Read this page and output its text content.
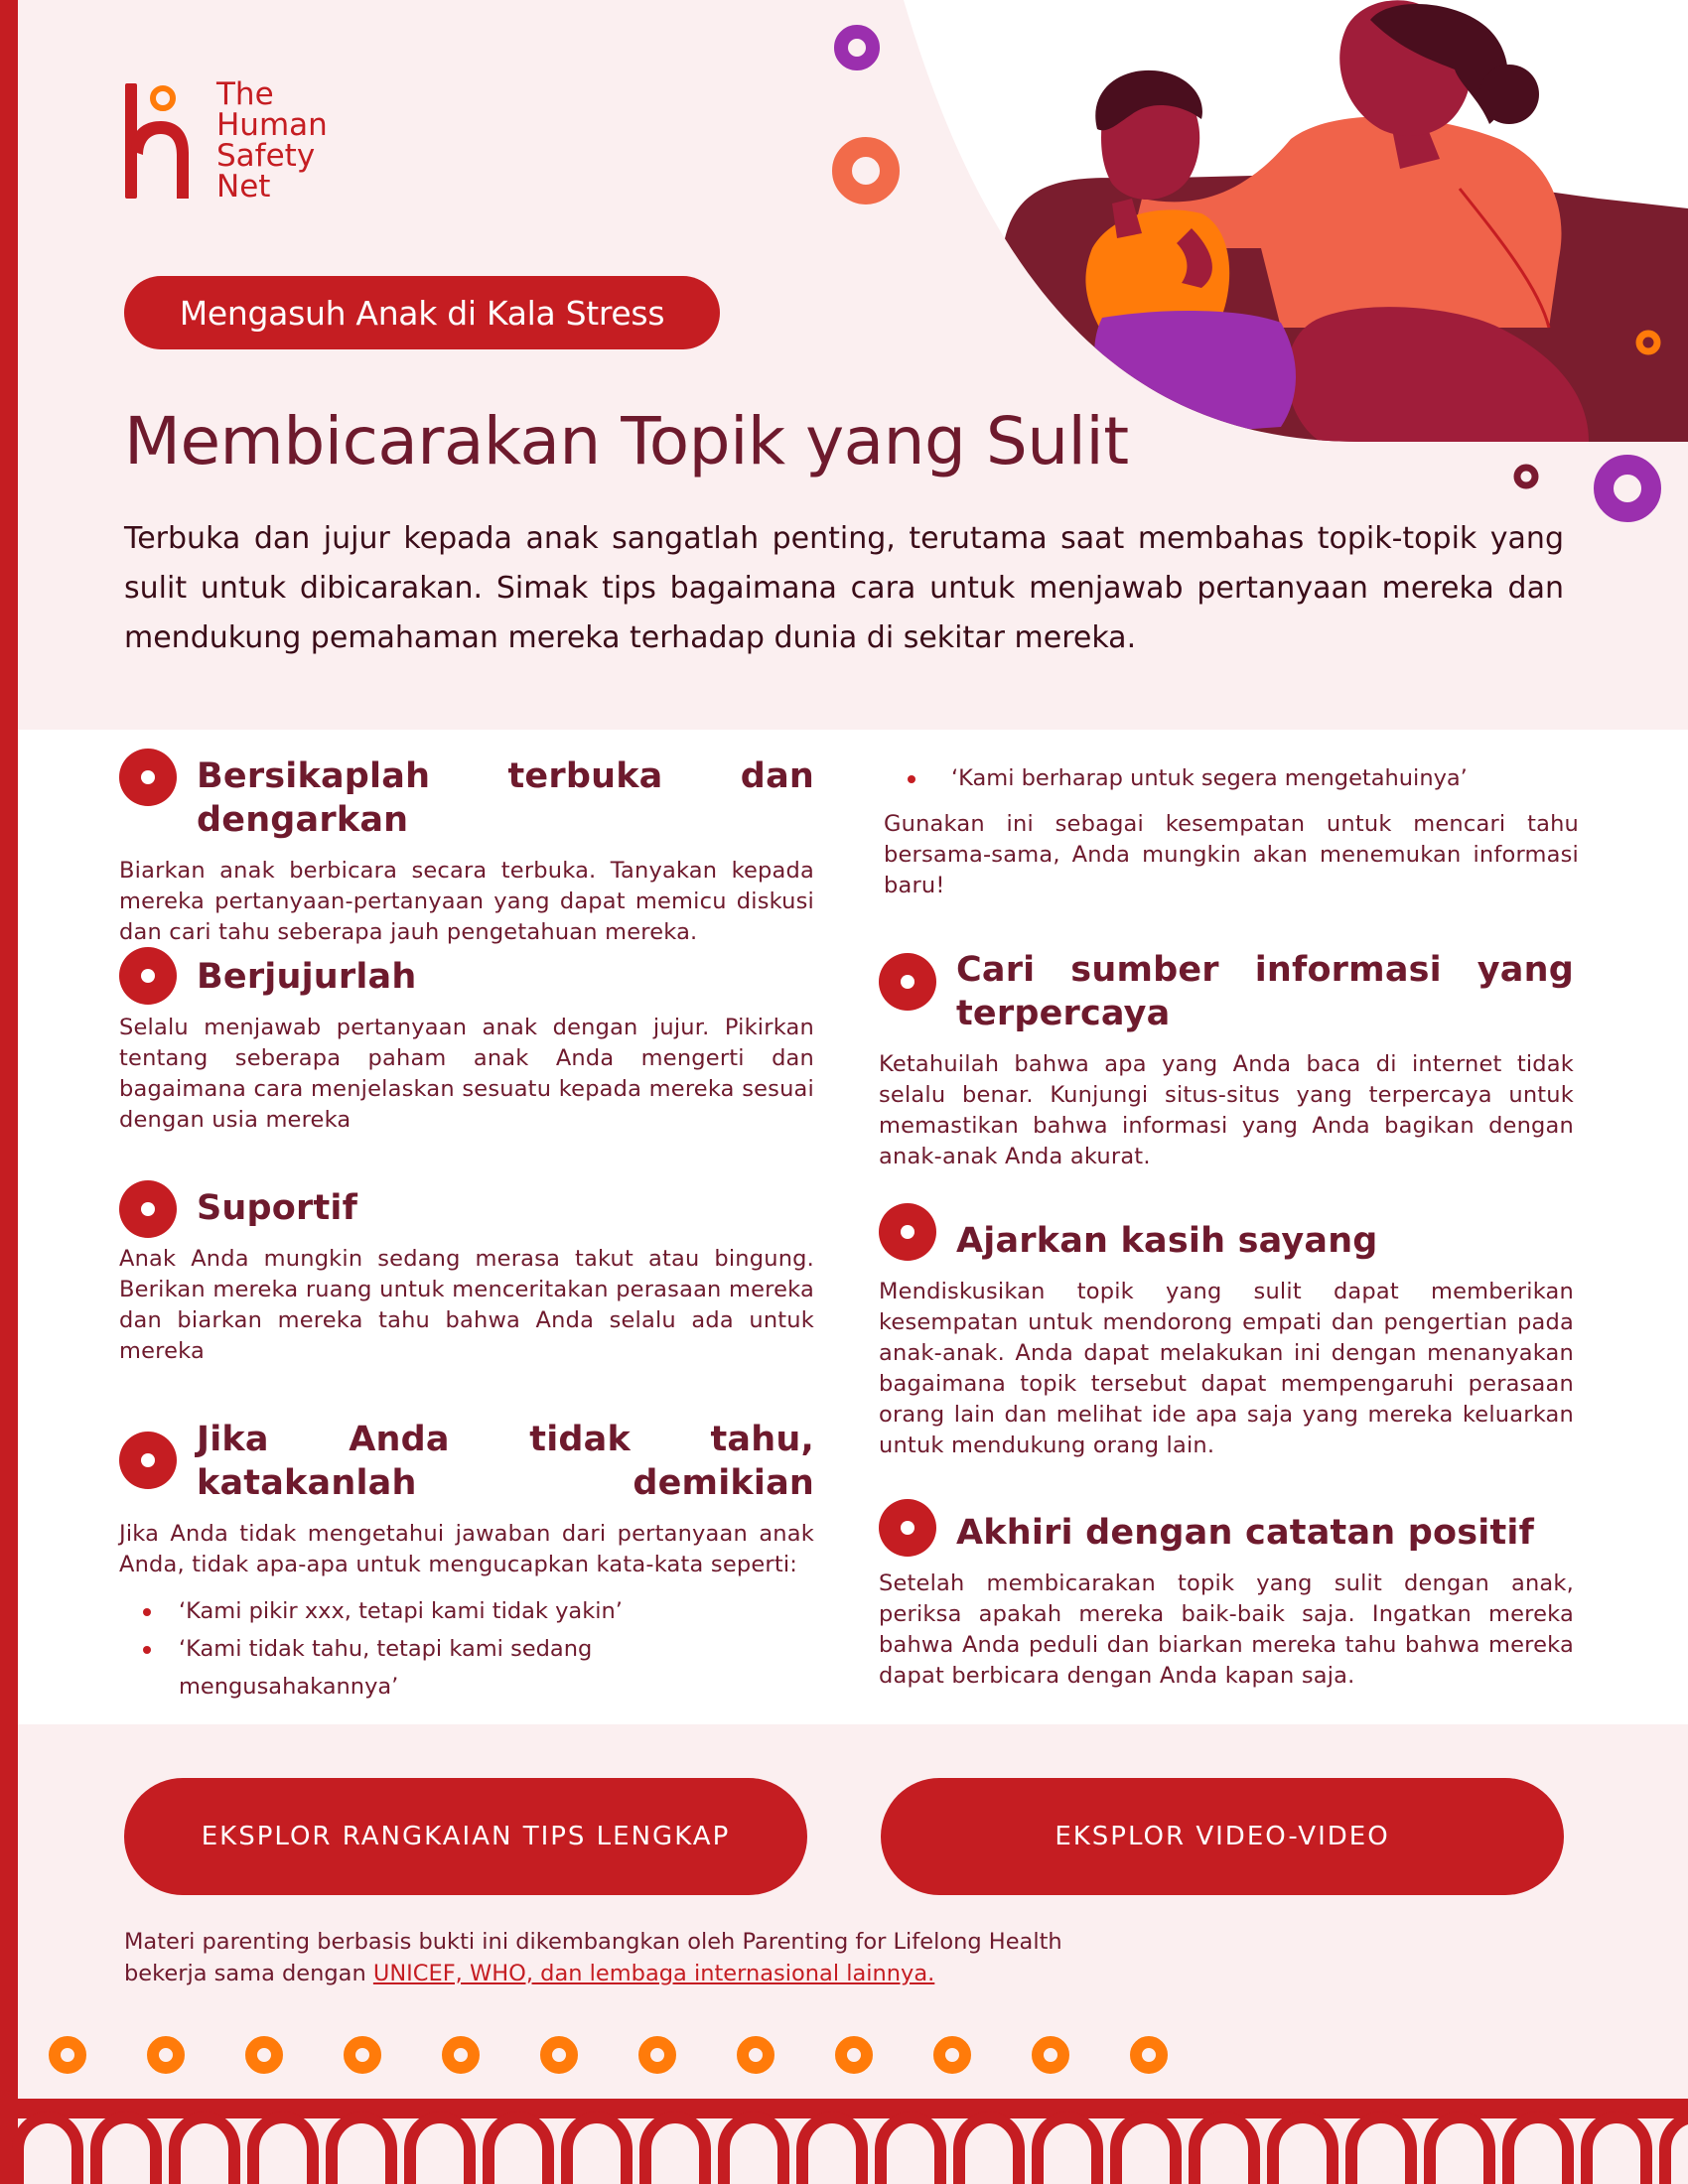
The
Human
Safety
Net
Mengasuh Anak di Kala Stress
Membicarakan Topik yang Sulit

Terbuka dan jujur kepada anak sangatlah penting, terutama saat membahas topik-topik yang sulit untuk dibicarakan. Simak tips bagaimana cara untuk menjawab pertanyaan mereka dan mendukung pemahaman mereka terhadap dunia di sekitar mereka.

Bersikaplah terbuka dan dengarkan

Biarkan anak berbicara secara terbuka. Tanyakan kepada mereka pertanyaan-pertanyaan yang dapat memicu diskusi dan cari tahu seberapa jauh pengetahuan mereka.

Berjujurlah

Selalu menjawab pertanyaan anak dengan jujur. Pikirkan tentang seberapa paham anak Anda mengerti dan bagaimana cara menjelaskan sesuatu kepada mereka sesuai dengan usia mereka

Suportif

Anak Anda mungkin sedang merasa takut atau bingung. Berikan mereka ruang untuk menceritakan perasaan mereka dan biarkan mereka tahu bahwa Anda selalu ada untuk mereka

Jika Anda tidak tahu, katakanlah demikian

Jika Anda tidak mengetahui jawaban dari pertanyaan anak Anda, tidak apa-apa untuk mengucapkan kata-kata seperti:

‘Kami pikir xxx, tetapi kami tidak yakin’
‘Kami tidak tahu, tetapi kami sedang mengusahakannya’
‘Kami berharap untuk segera mengetahuinya’

Gunakan ini sebagai kesempatan untuk mencari tahu bersama-sama, Anda mungkin akan menemukan informasi baru!

Cari sumber informasi yang terpercaya

Ketahuilah bahwa apa yang Anda baca di internet tidak selalu benar. Kunjungi situs-situs yang terpercaya untuk memastikan bahwa informasi yang Anda bagikan dengan anak-anak Anda akurat.

Ajarkan kasih sayang

Mendiskusikan topik yang sulit dapat memberikan kesempatan untuk mendorong empati dan pengertian pada anak-anak. Anda dapat melakukan ini dengan menanyakan bagaimana topik tersebut dapat mempengaruhi perasaan orang lain dan melihat ide apa saja yang mereka keluarkan untuk mendukung orang lain.

Akhiri dengan catatan positif

Setelah membicarakan topik yang sulit dengan anak, periksa apakah mereka baik-baik saja. Ingatkan mereka bahwa Anda peduli dan biarkan mereka tahu bahwa mereka dapat berbicara dengan Anda kapan saja.

EKSPLOR RANGKAIAN TIPS LENGKAP	EKSPLOR VIDEO-VIDEO
Materi parenting berbasis bukti ini dikembangkan oleh Parenting for Lifelong Health
bekerja sama dengan UNICEF, WHO, dan lembaga internasional lainnya.
